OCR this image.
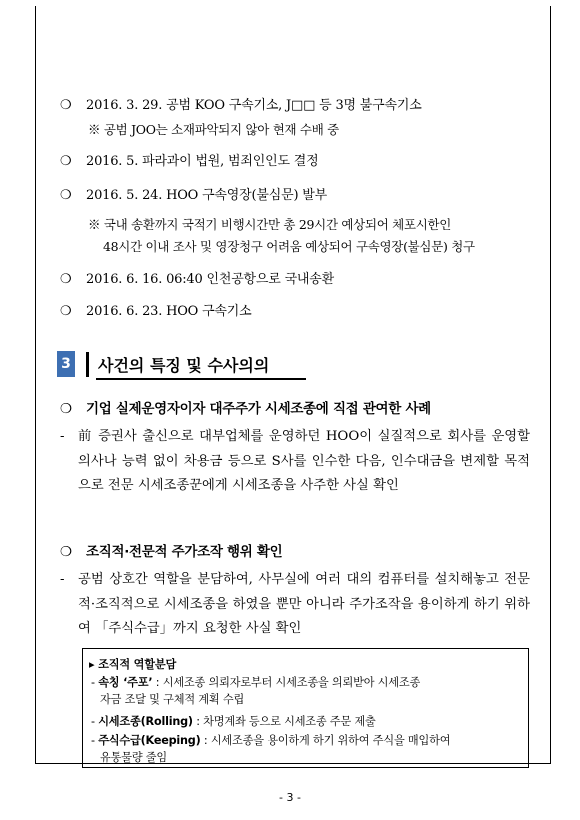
❍ 2016. 3. 29. 공범 KOO 구속기소, J□□ 등 3명 불구속기소
※ 공범 JOO는 소재파악되지 않아 현재 수배 중
❍ 2016. 5. 파라과이 법원, 범죄인인도 결정
❍ 2016. 5. 24. HOO 구속영장(불심문) 발부
※ 국내 송환까지 국적기 비행시간만 총 29시간 예상되어 체포시한인
48시간 이내 조사 및 영장청구 어려움 예상되어 구속영장(불심문) 청구
❍ 2016. 6. 16. 06:40 인천공항으로 국내송환
❍ 2016. 6. 23. HOO 구속기소
3 사건의 특징 및 수사의의
❍ 기업 실제운영자이자 대주주가 시세조종에 직접 관여한 사례
-	前 증권사 출신으로 대부업체를 운영하던 HOO이 실질적으로 회사를 운영할 의사나 능력 없이 차용금 등으로 S사를 인수한 다음, 인수대금을 변제할 목적으로 전문 시세조종꾼에게 시세조종을 사주한 사실 확인
❍ 조직적·전문적 주가조작 행위 확인
-	공범 상호간 역할을 분담하여, 사무실에 여러 대의 컴퓨터를 설치해놓고 전문적·조직적으로 시세조종을 하였을 뿐만 아니라 주가조작을 용이하게 하기 위하여 「주식수급」까지 요청한 사실 확인
▸ 조직적 역할분담
- 속칭 ‘주포’ : 시세조종 의뢰자로부터 시세조종을 의뢰받아 시세조종
자금 조달 및 구체적 계획 수립
- 시세조종(Rolling) : 차명계좌 등으로 시세조종 주문 제출
- 주식수급(Keeping) : 시세조종을 용이하게 하기 위하여 주식을 매입하여
유통물량 줄임
- 3 -
